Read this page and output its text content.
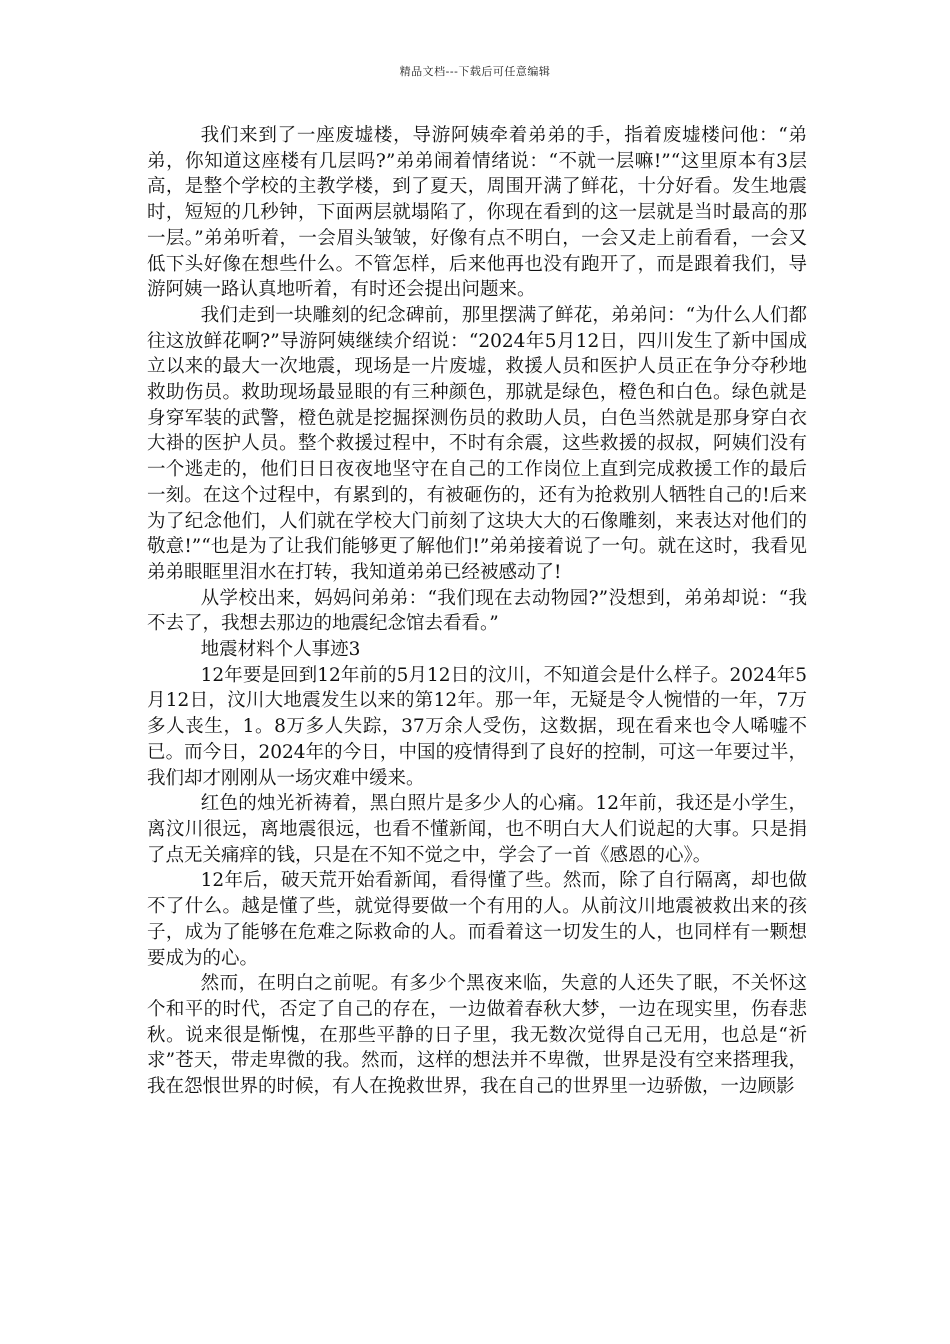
精品文档---下载后可任意编辑

我们来到了一座废墟楼，导游阿姨牵着弟弟的手，指着废墟楼问他：“弟弟，你知道这座楼有几层吗?”弟弟闹着情绪说：“不就一层嘛!”“这里原本有3层高，是整个学校的主教学楼，到了夏天，周围开满了鲜花，十分好看。发生地震时，短短的几秒钟，下面两层就塌陷了，你现在看到的这一层就是当时最高的那一层。”弟弟听着，一会眉头皱皱，好像有点不明白，一会又走上前看看，一会又低下头好像在想些什么。不管怎样，后来他再也没有跑开了，而是跟着我们，导游阿姨一路认真地听着，有时还会提出问题来。

我们走到一块雕刻的纪念碑前，那里摆满了鲜花，弟弟问：“为什么人们都往这放鲜花啊?”导游阿姨继续介绍说：“2024年5月12日，四川发生了新中国成立以来的最大一次地震，现场是一片废墟，救援人员和医护人员正在争分夺秒地救助伤员。救助现场最显眼的有三种颜色，那就是绿色，橙色和白色。绿色就是身穿军装的武警，橙色就是挖掘探测伤员的救助人员，白色当然就是那身穿白衣大褂的医护人员。整个救援过程中，不时有余震，这些救援的叔叔，阿姨们没有一个逃走的，他们日日夜夜地坚守在自己的工作岗位上直到完成救援工作的最后一刻。在这个过程中，有累到的，有被砸伤的，还有为抢救别人牺牲自己的!后来为了纪念他们，人们就在学校大门前刻了这块大大的石像雕刻，来表达对他们的敬意!”“也是为了让我们能够更了解他们!”弟弟接着说了一句。就在这时，我看见弟弟眼眶里泪水在打转，我知道弟弟已经被感动了!

从学校出来，妈妈问弟弟：“我们现在去动物园?”没想到，弟弟却说：“我不去了，我想去那边的地震纪念馆去看看。”

地震材料个人事迹3

12年要是回到12年前的5月12日的汶川，不知道会是什么样子。2024年5月12日，汶川大地震发生以来的第12年。那一年，无疑是令人惋惜的一年，7万多人丧生，1。8万多人失踪，37万余人受伤，这数据，现在看来也令人唏嘘不已。而今日，2024年的今日，中国的疫情得到了良好的控制，可这一年要过半，我们却才刚刚从一场灾难中缓来。

红色的烛光祈祷着，黑白照片是多少人的心痛。12年前，我还是小学生，离汶川很远，离地震很远，也看不懂新闻，也不明白大人们说起的大事。只是捐了点无关痛痒的钱，只是在不知不觉之中，学会了一首《感恩的心》。

12年后，破天荒开始看新闻，看得懂了些。然而，除了自行隔离，却也做不了什么。越是懂了些，就觉得要做一个有用的人。从前汶川地震被救出来的孩子，成为了能够在危难之际救命的人。而看着这一切发生的人，也同样有一颗想要成为的心。

然而，在明白之前呢。有多少个黑夜来临，失意的人还失了眠，不关怀这个和平的时代，否定了自己的存在，一边做着春秋大梦，一边在现实里，伤春悲秋。说来很是惭愧，在那些平静的日子里，我无数次觉得自己无用，也总是“祈求”苍天，带走卑微的我。然而，这样的想法并不卑微，世界是没有空来搭理我，我在怨恨世界的时候，有人在挽救世界，我在自己的世界里一边骄傲，一边顾影
